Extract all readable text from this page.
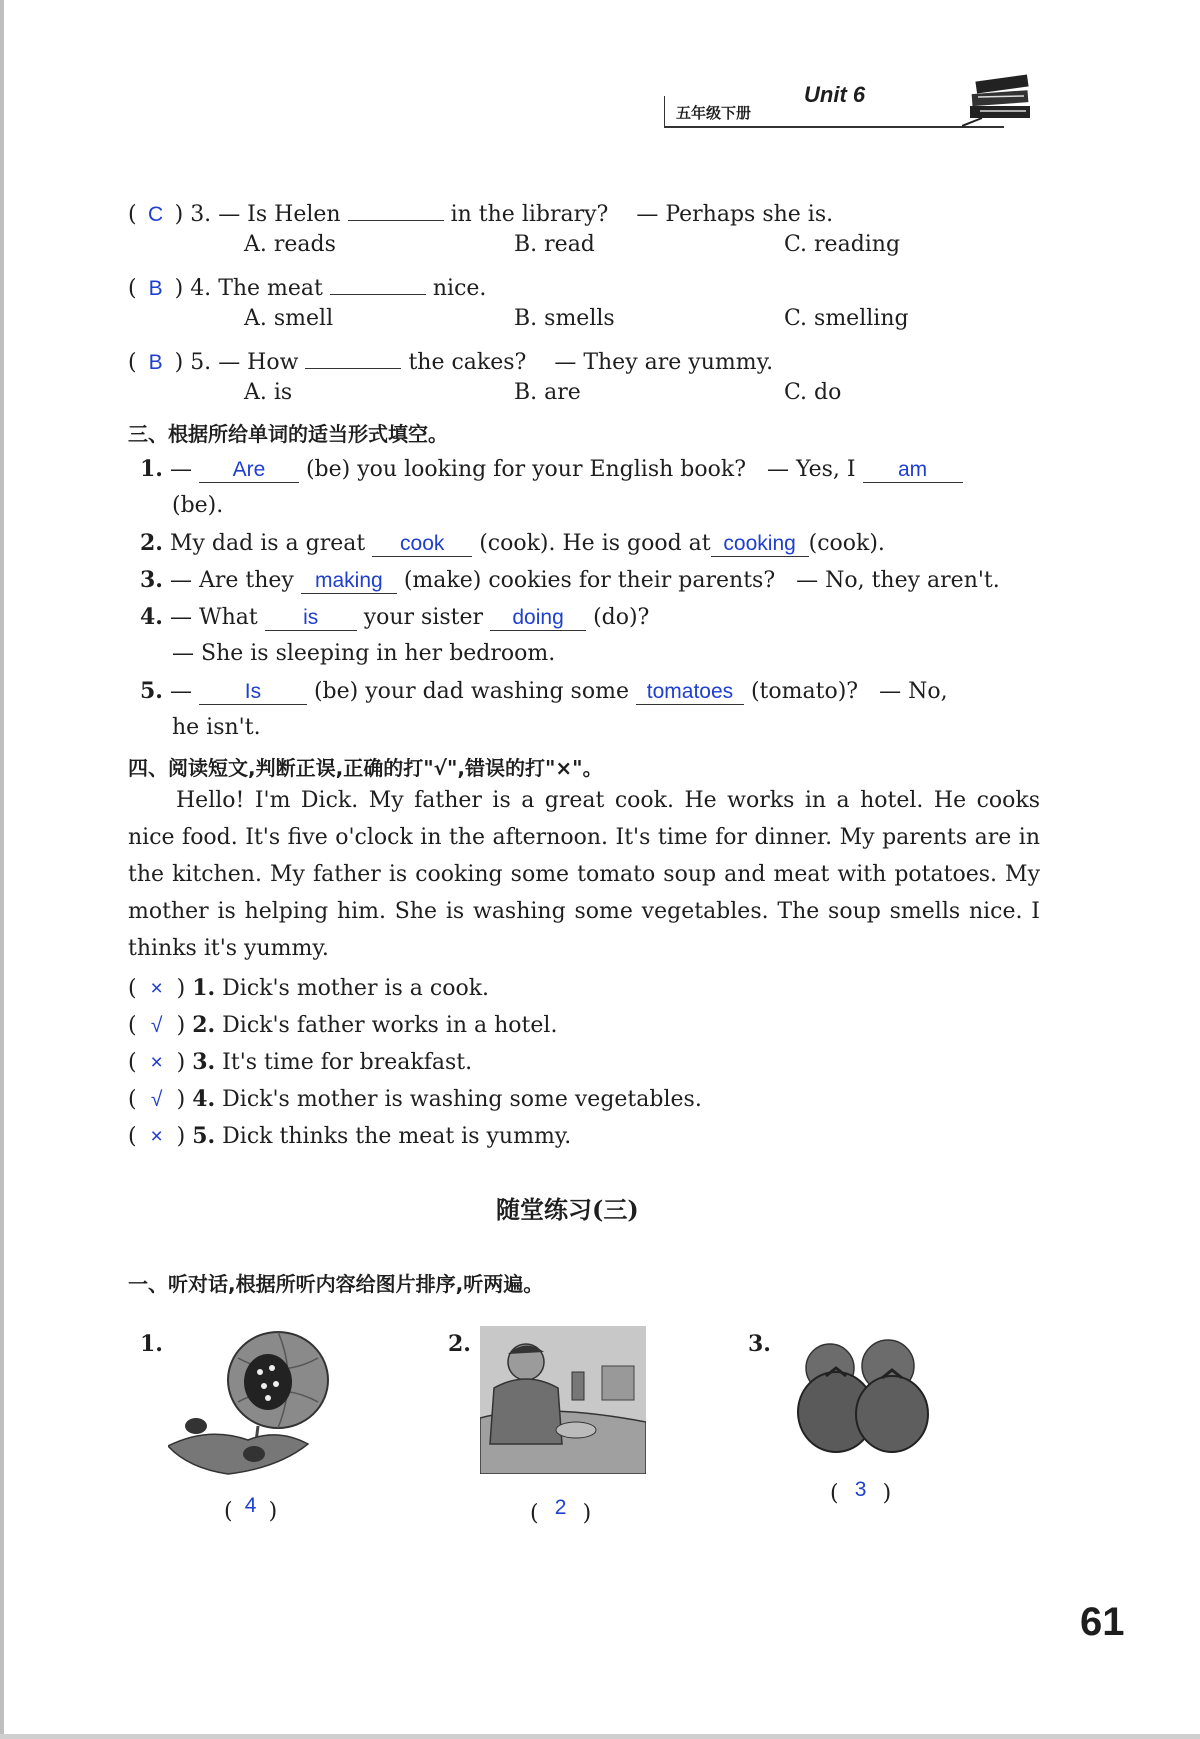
五年级下册
Unit 6
( C ) 3. — Is Helen	in the library? — Perhaps she is.
A. reads	B. read	C. reading
( B ) 4. The meat	nice.
A. smell	B. smells	C. smelling
( B ) 5. — How	the cakes? — They are yummy.
A. is	B. are	C. do
三、根据所给单词的适当形式填空。
1. — Are (be) you looking for your English book? — Yes, I am
(be).
2. My dad is a great cook (cook). He is good at cooking (cook).
3. — Are they making (make) cookies for their parents? — No, they aren't.
4. — What is your sister doing (do)?
— She is sleeping in her bedroom.
5. —	Is (be) your dad washing some tomatoes (tomato)? — No,
he isn't.
四、阅读短文,判断正误,正确的打"√",错误的打"×"。
Hello! I'm Dick. My father is a great cook. He works in a hotel. He cooks nice food. It's five o'clock in the afternoon. It's time for dinner. My parents are in the kitchen. My father is cooking some tomato soup and meat with potatoes. My mother is helping him. She is washing some vegetables. The soup smells nice. I thinks it's yummy.
( × ) 1. Dick's mother is a cook.
( √ ) 2. Dick's father works in a hotel.
( × ) 3. It's time for breakfast.
( √ ) 4. Dick's mother is washing some vegetables.
( × ) 5. Dick thinks the meat is yummy.
随堂练习(三)
一、听对话,根据所听内容给图片排序,听两遍。
1.
( 4 )
2.
( 2 )
3.
( 3 )
61
